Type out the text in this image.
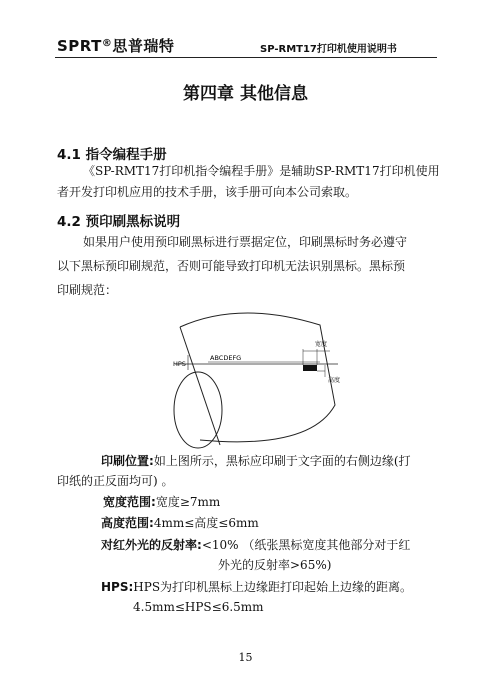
SPRT®思普瑞特	SP-RMT17打印机使用说明书
第四章 其他信息
4.1 指令编程手册
《SP-RMT17打印机指令编程手册》是辅助SP-RMT17打印机使用
者开发打印机应用的技术手册，该手册可向本公司索取。
4.2 预印刷黑标说明
如果用户使用预印刷黑标进行票据定位，印刷黑标时务必遵守
以下黑标预印刷规范，否则可能导致打印机无法识别黑标。黑标预
印刷规范：
HPS
ABCDEFG
宽度
高度
印刷位置:如上图所示，黑标应印刷于文字面的右侧边缘(打
印纸的正反面均可) 。
宽度范围:宽度≥7mm
高度范围:4mm≤高度≤6mm
对红外光的反射率:<10% （纸张黑标宽度其他部分对于红
外光的反射率>65%)
HPS:HPS为打印机黑标上边缘距打印起始上边缘的距离。
4.5mm≤HPS≤6.5mm
15
